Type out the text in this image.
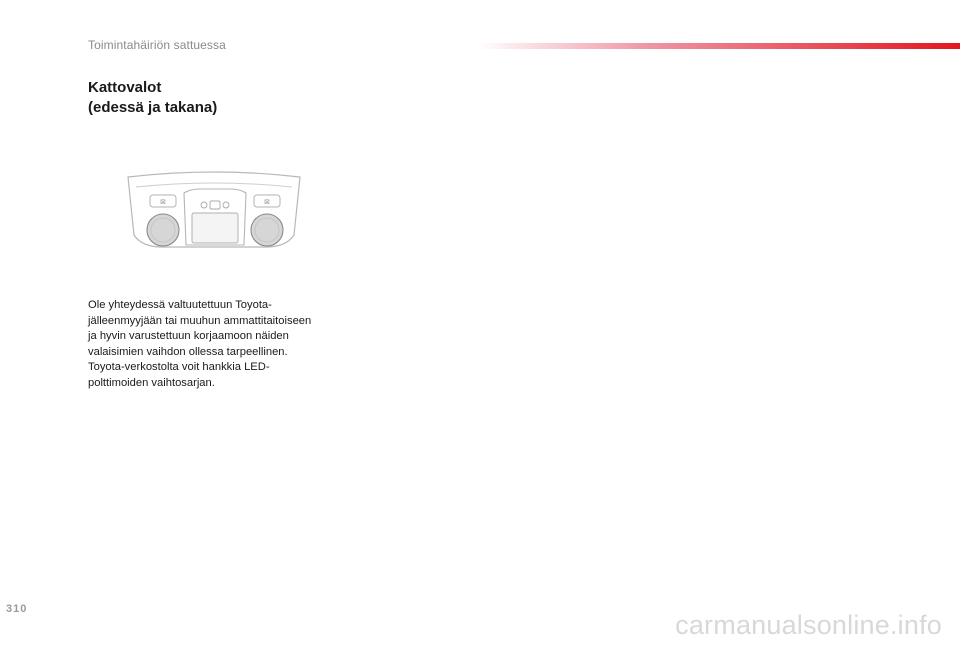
Toimintahäiriön sattuessa
Kattovalot
(edessä ja takana)
⊠	⊠
Ole yhteydessä valtuutettuun Toyota-
jälleenmyyjään tai muuhun ammattitaitoiseen
ja hyvin varustettuun korjaamoon näiden
valaisimien vaihdon ollessa tarpeellinen.
Toyota-verkostolta voit hankkia LED-
polttimoiden vaihtosarjan.
310
carmanualsonline.info
